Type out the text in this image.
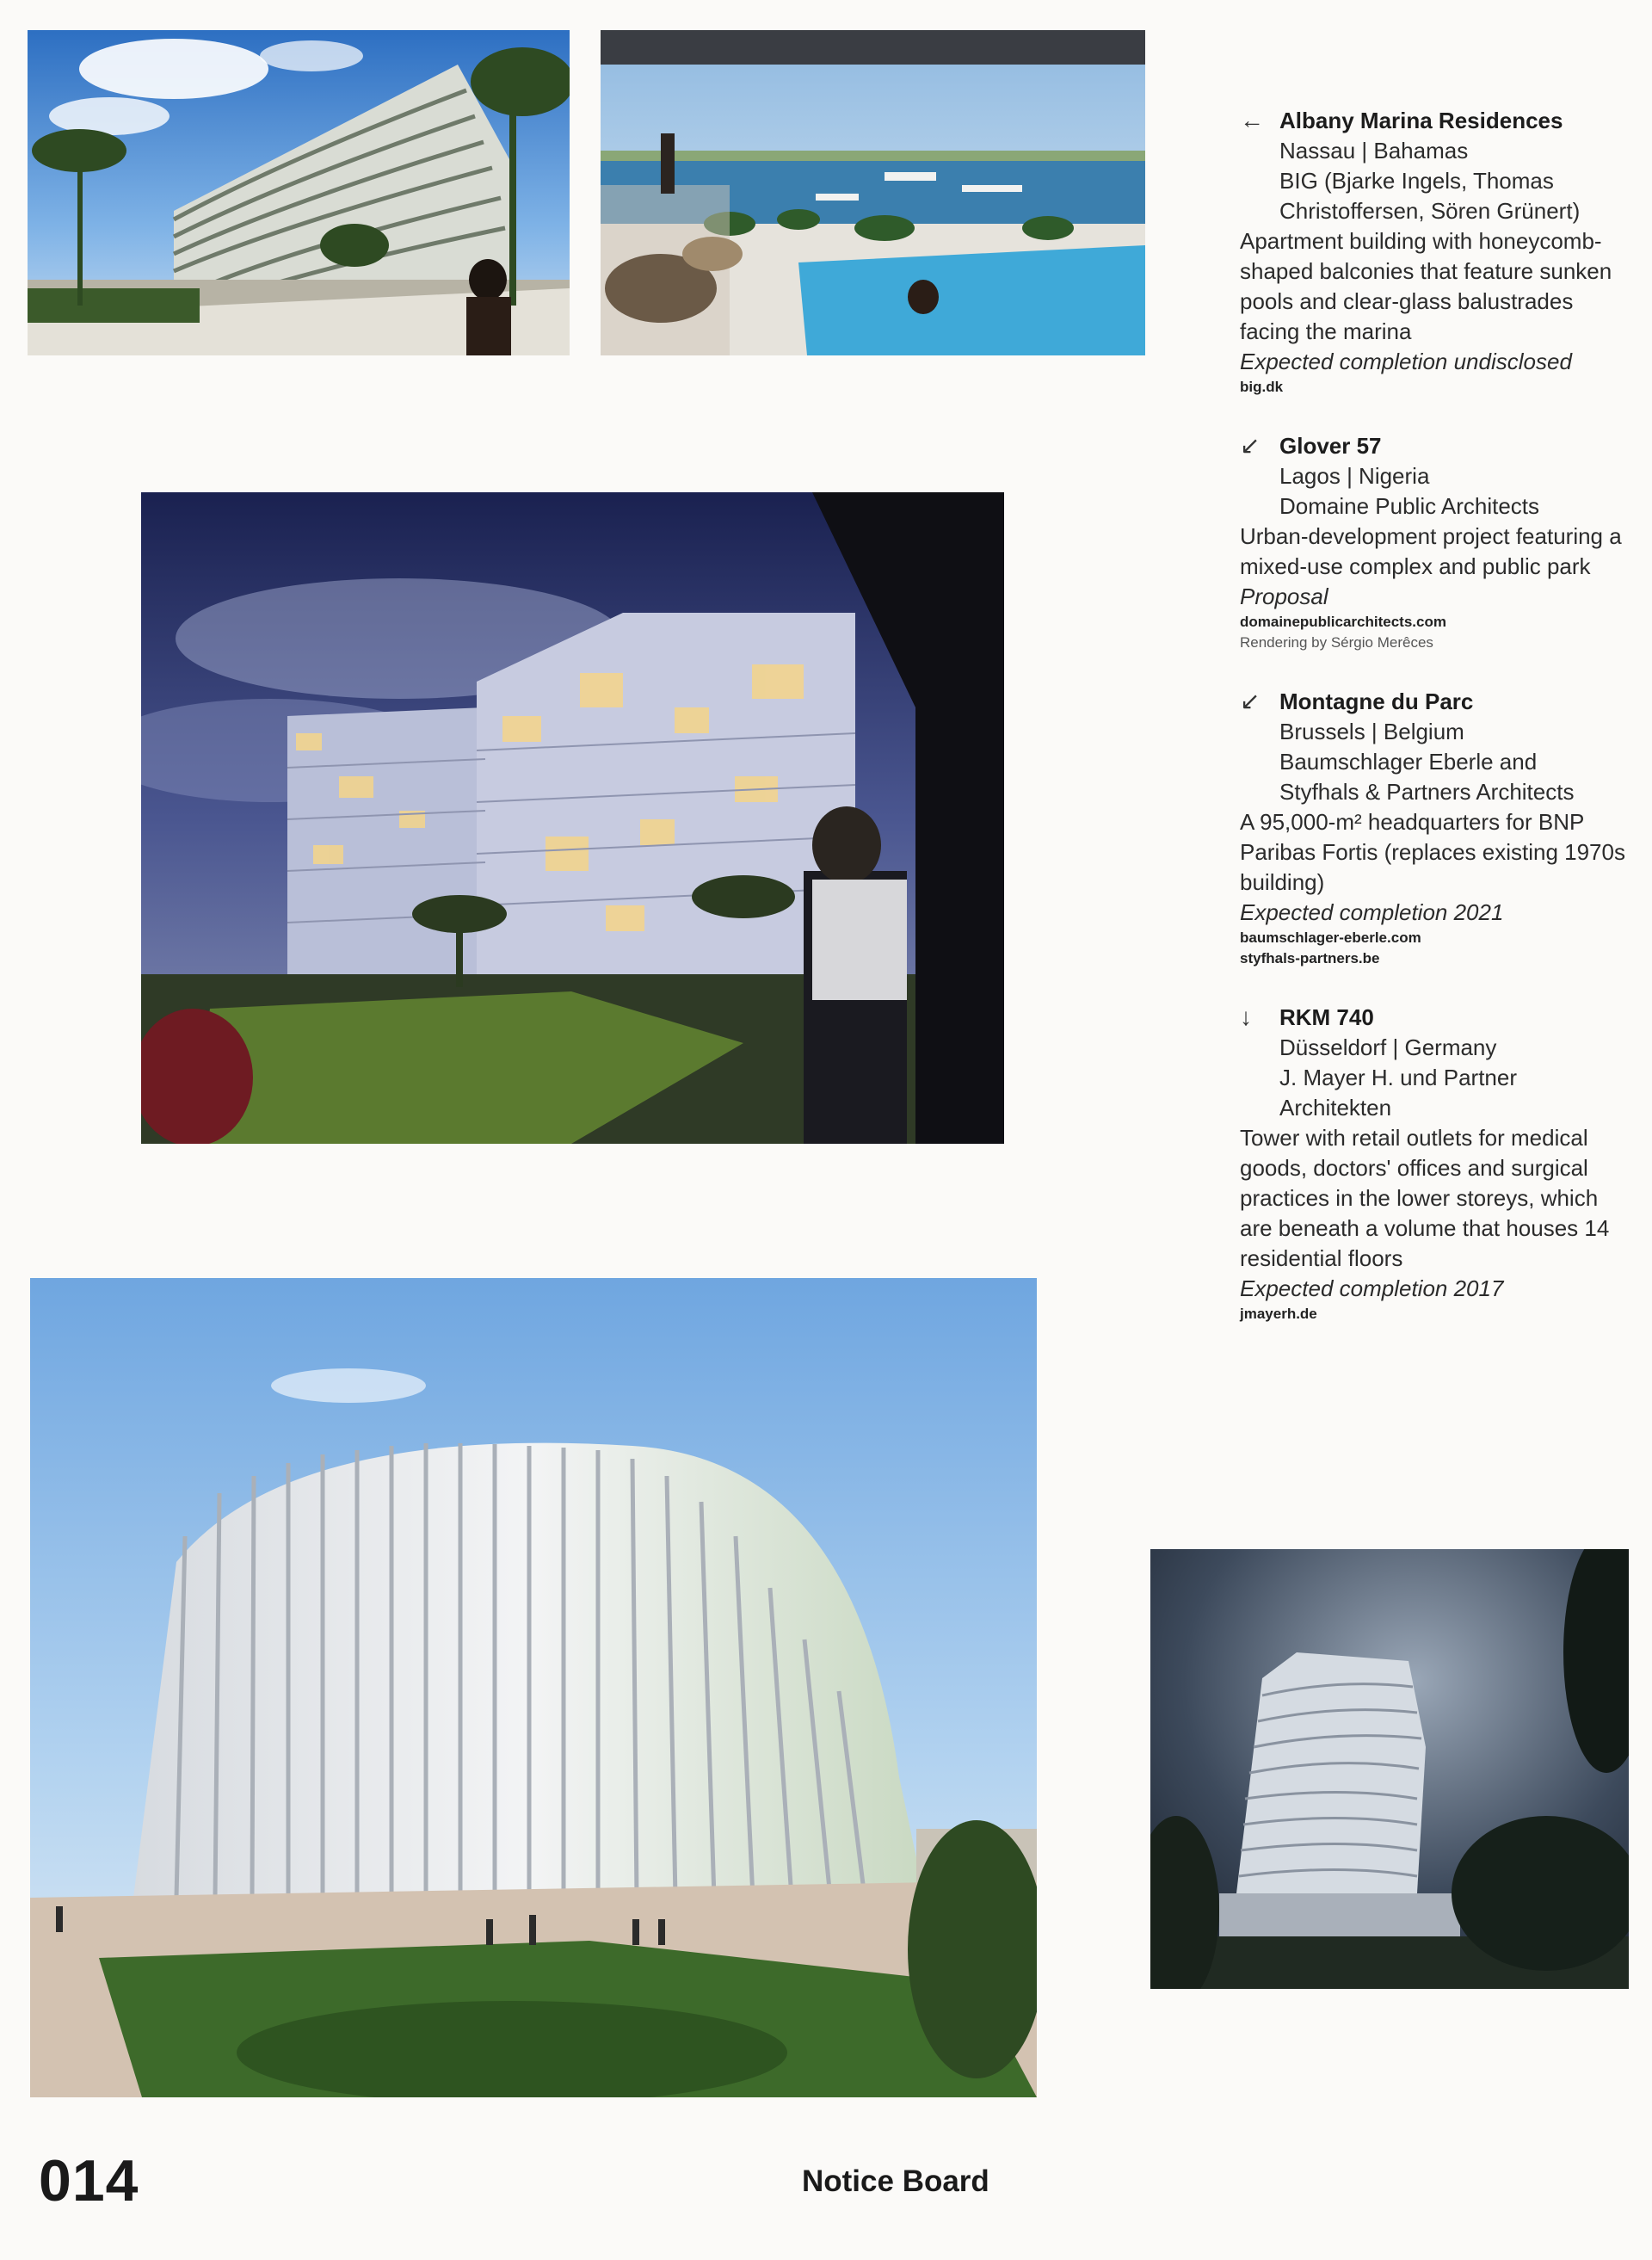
← Albany Marina Residences
Nassau | Bahamas
BIG (Bjarke Ingels, Thomas
Christoffersen, Sören Grünert)
Apartment building with honeycomb-shaped balconies that feature sunken pools and clear-glass balustrades facing the marina
Expected completion undisclosed
big.dk
↙ Glover 57
Lagos | Nigeria
Domaine Public Architects
Urban-development project featuring a mixed-use complex and public park
Proposal
domainepublicarchitects.com
Rendering by Sérgio Merêces
↙ Montagne du Parc
Brussels | Belgium
Baumschlager Eberle and
Styfhals & Partners Architects
A 95,000-m² headquarters for BNP Paribas Fortis (replaces existing 1970s building)
Expected completion 2021
baumschlager-eberle.com
styfhals-partners.be
↓	RKM 740
Düsseldorf | Germany
J. Mayer H. und Partner
Architekten
Tower with retail outlets for medical goods, doctors' offices and surgical practices in the lower storeys, which are beneath a volume that houses 14 residential floors
Expected completion 2017
jmayerh.de
014	Notice Board
